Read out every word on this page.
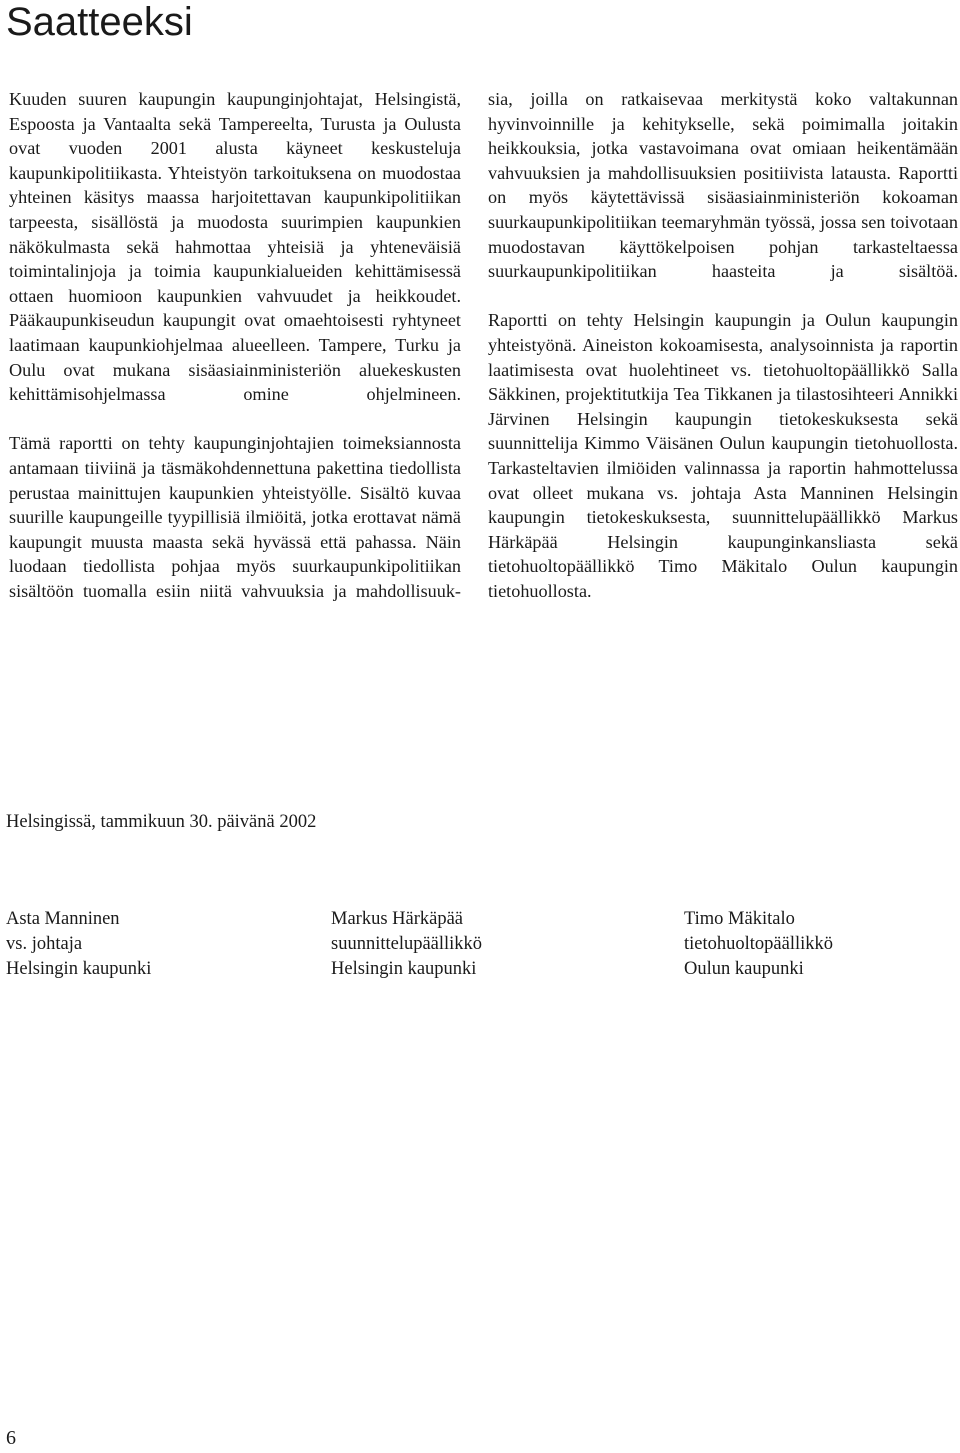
Saatteeksi

Kuuden suuren kaupungin kaupunginjohtajat, Helsingistä, Espoosta ja Vantaalta sekä Tampereelta, Turusta ja Oulusta ovat vuoden 2001 alusta käyneet keskusteluja kaupunkipolitiikasta. Yhteistyön tarkoituksena on muodostaa yhteinen käsitys maassa harjoitettavan kaupunkipolitiikan tarpeesta, sisällöstä ja muodosta suurimpien kaupunkien näkökulmasta sekä hahmottaa yhteisiä ja yhteneväisiä toimintalinjoja ja toimia kaupunkialueiden kehittämisessä ottaen huomioon kaupunkien vahvuudet ja heikkoudet. Pääkaupunkiseudun kaupungit ovat omaehtoisesti ryhtyneet laatimaan kaupunkiohjelmaa alueelleen. Tampere, Turku ja Oulu ovat mukana sisäasiainministeriön aluekeskusten kehittämisohjelmassa omine ohjelmineen.

Tämä raportti on tehty kaupunginjohtajien toimeksiannosta antamaan tiiviinä ja täsmäkohdennettuna pakettina tiedollista perustaa mainittujen kaupunkien yhteistyölle. Sisältö kuvaa suurille kaupungeille tyypillisiä ilmiöitä, jotka erottavat nämä kaupungit muusta maasta sekä hyvässä että pahassa. Näin luodaan tiedollista pohjaa myös suurkaupunkipolitiikan sisältöön tuomalla esiin niitä vahvuuksia ja mahdollisuuk-

sia, joilla on ratkaisevaa merkitystä koko valtakunnan hyvinvoinnille ja kehitykselle, sekä poimimalla joitakin heikkouksia, jotka vastavoimana ovat omiaan heikentämään vahvuuksien ja mahdollisuuksien positiivista latausta. Raportti on myös käytettävissä sisäasiainministeriön kokoaman suurkaupunkipolitiikan teemaryhmän työssä, jossa sen toivotaan muodostavan käyttökelpoisen pohjan tarkasteltaessa suurkaupunkipolitiikan haasteita ja sisältöä.

Raportti on tehty Helsingin kaupungin ja Oulun kaupungin yhteistyönä. Aineiston kokoamisesta, analysoinnista ja raportin laatimisesta ovat huolehtineet vs. tietohuoltopäällikkö Salla Säkkinen, projektitutkija Tea Tikkanen ja tilastosihteeri Annikki Järvinen Helsingin kaupungin tietokeskuksesta sekä suunnittelija Kimmo Väisänen Oulun kaupungin tietohuollosta. Tarkasteltavien ilmiöiden valinnassa ja raportin hahmottelussa ovat olleet mukana vs. johtaja Asta Manninen Helsingin kaupungin tietokeskuksesta, suunnittelupäällikkö Markus Härkäpää Helsingin kaupunginkansliasta sekä tietohuoltopäällikkö Timo Mäkitalo Oulun kaupungin tietohuollosta.

Helsingissä, tammikuun 30. päivänä 2002

Asta Manninen
vs. johtaja
Helsingin kaupunki
Markus Härkäpää
suunnittelupäällikkö
Helsingin kaupunki
Timo Mäkitalo
tietohuoltopäällikkö
Oulun kaupunki

6
